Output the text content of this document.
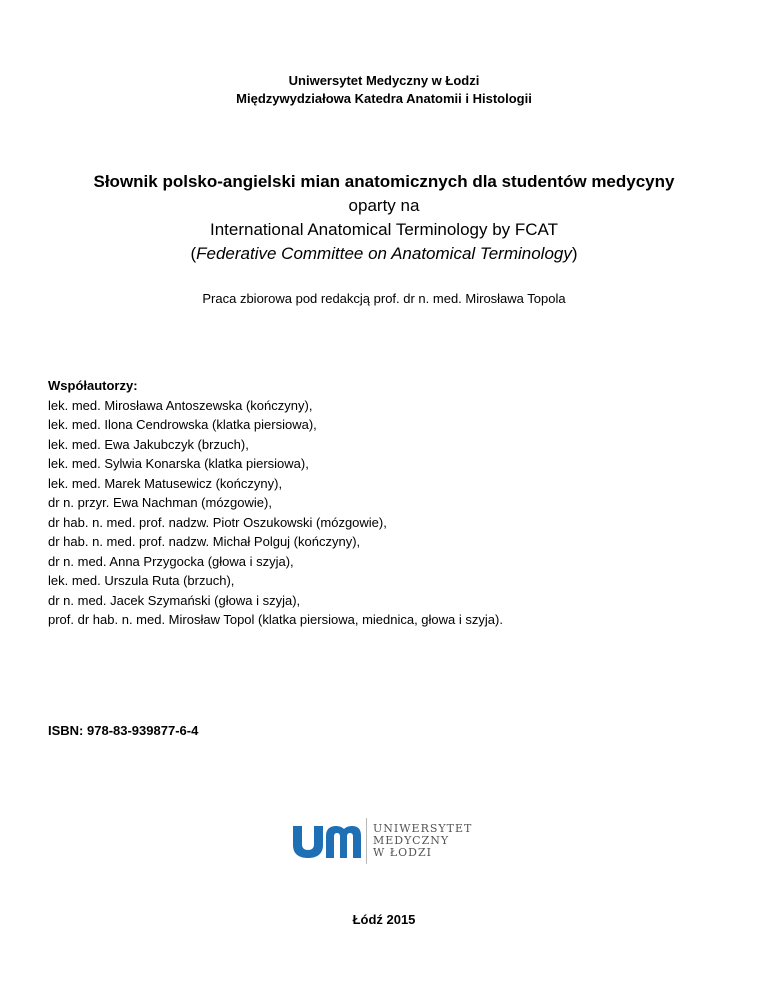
Uniwersytet Medyczny w Łodzi
Międzywydziałowa Katedra Anatomii i Histologii
Słownik polsko-angielski mian anatomicznych dla studentów medycyny
oparty na
International Anatomical Terminology by FCAT
(Federative Committee on Anatomical Terminology)
Praca zbiorowa pod redakcją prof. dr n. med. Mirosława Topola
Współautorzy:
lek. med. Mirosława Antoszewska (kończyny),
lek. med. Ilona Cendrowska (klatka piersiowa),
lek. med. Ewa Jakubczyk (brzuch),
lek. med. Sylwia Konarska (klatka piersiowa),
lek. med. Marek Matusewicz (kończyny),
dr n. przyr. Ewa Nachman (mózgowie),
dr hab. n. med. prof. nadzw. Piotr Oszukowski (mózgowie),
dr hab. n. med. prof. nadzw. Michał Polguj (kończyny),
dr n. med. Anna Przygocka (głowa i szyja),
lek. med. Urszula Ruta (brzuch),
dr n. med. Jacek Szymański (głowa i szyja),
prof. dr hab. n. med. Mirosław Topol (klatka piersiowa, miednica, głowa i szyja).
ISBN: 978-83-939877-6-4
UNIWERSYTET
MEDYCZNY
W ŁODZI
Łódź 2015
